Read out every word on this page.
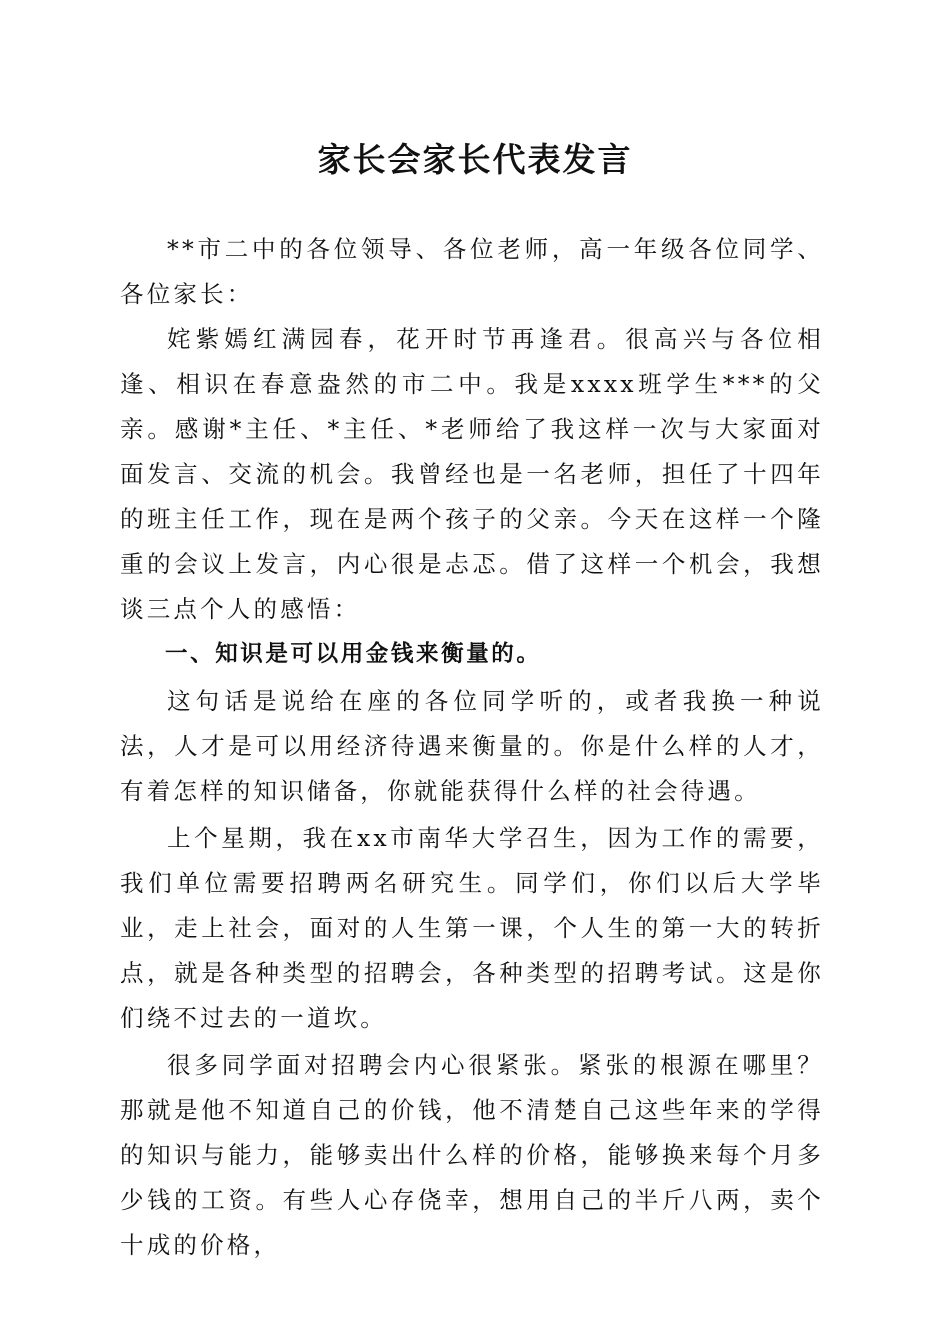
家长会家长代表发言

**市二中的各位领导、各位老师，高一年级各位同学、各位家长：

姹紫嫣红满园春，花开时节再逢君。很高兴与各位相逢、相识在春意盎然的市二中。我是xxxx班学生***的父亲。感谢*主任、*主任、*老师给了我这样一次与大家面对面发言、交流的机会。我曾经也是一名老师，担任了十四年的班主任工作，现在是两个孩子的父亲。今天在这样一个隆重的会议上发言，内心很是忐忑。借了这样一个机会，我想谈三点个人的感悟：

一、知识是可以用金钱来衡量的。

这句话是说给在座的各位同学听的，或者我换一种说法，人才是可以用经济待遇来衡量的。你是什么样的人才，有着怎样的知识储备，你就能获得什么样的社会待遇。

上个星期，我在xx市南华大学召生，因为工作的需要，我们单位需要招聘两名研究生。同学们，你们以后大学毕业，走上社会，面对的人生第一课，个人生的第一大的转折点，就是各种类型的招聘会，各种类型的招聘考试。这是你们绕不过去的一道坎。

很多同学面对招聘会内心很紧张。紧张的根源在哪里？那就是他不知道自己的价钱，他不清楚自己这些年来的学得的知识与能力，能够卖出什么样的价格，能够换来每个月多少钱的工资。有些人心存侥幸，想用自己的半斤八两，卖个十成的价格，
